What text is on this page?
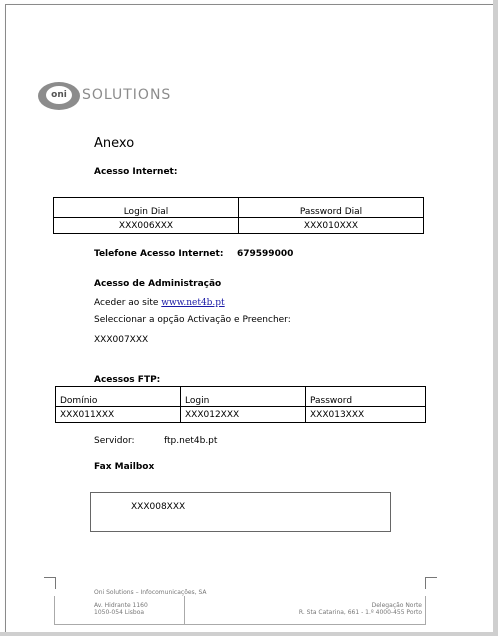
oni	SOLUTIONS
Anexo
Acesso Internet:
Login Dial	Password Dial
XXX006XXX	XXX010XXX
Telefone Acesso Internet: 679599000
Acesso de Administração
Aceder ao site www.net4b.pt
Seleccionar a opção Activação e Preencher:
XXX007XXX
Acessos FTP:
Domínio	Login	Password
XXX011XXX	XXX012XXX	XXX013XXX
Servidor:	ftp.net4b.pt
Fax Mailbox
XXX008XXX
Oni Solutions – Infocomunicações, SA
Av. Hidrante 1160
1050-054 Lisboa
Delegação Norte
R. Sta Catarina, 661 - 1.º 4000-455 Porto
